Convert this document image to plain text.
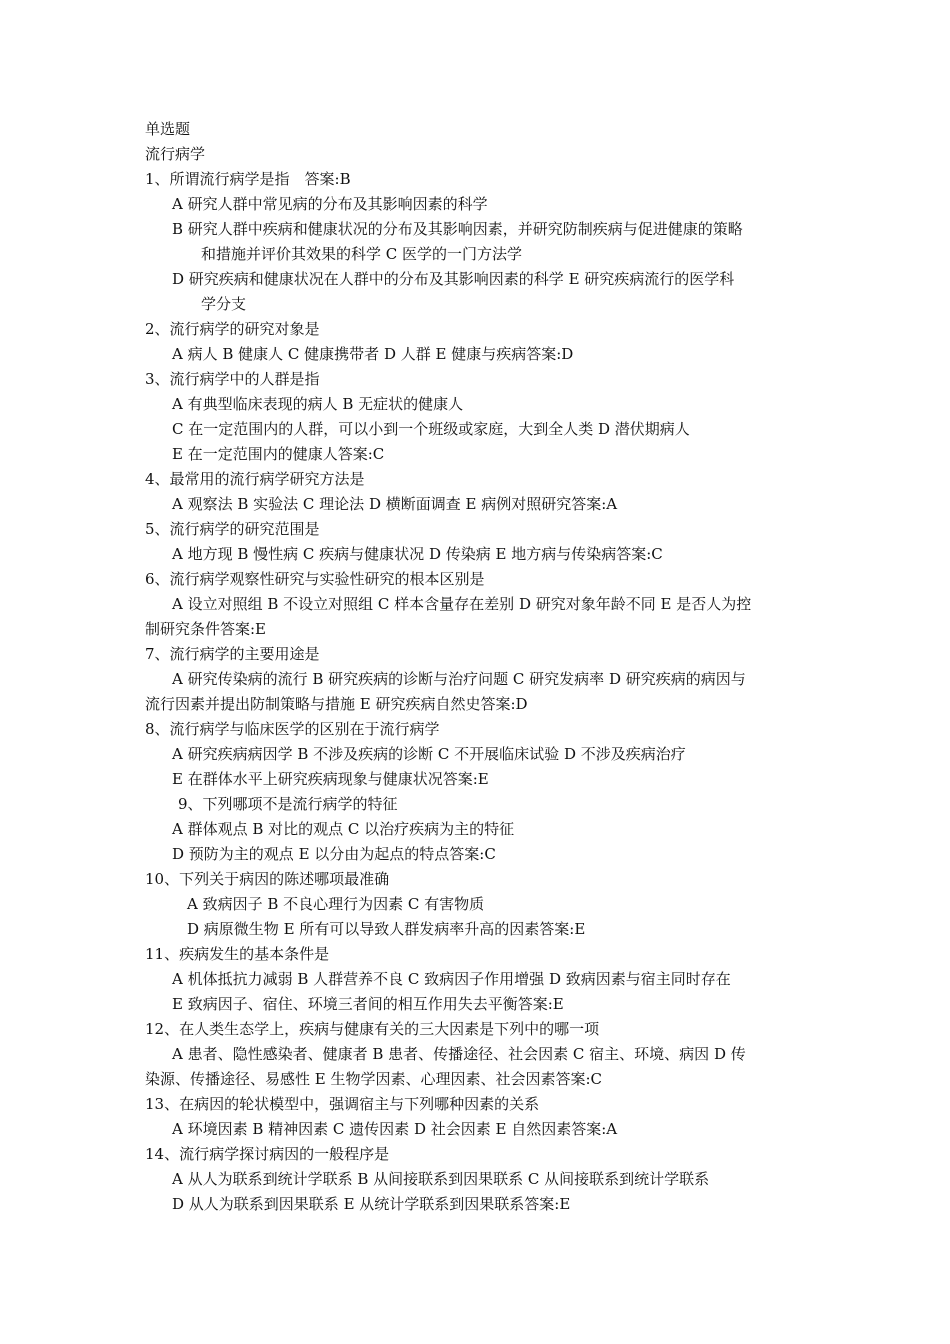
单选题
流行病学
1、所谓流行病学是指　答案:B
A 研究人群中常见病的分布及其影响因素的科学
B 研究人群中疾病和健康状况的分布及其影响因素，并研究防制疾病与促进健康的策略
和措施并评价其效果的科学 C 医学的一门方法学
D 研究疾病和健康状况在人群中的分布及其影响因素的科学 E 研究疾病流行的医学科
学分支
2、流行病学的研究对象是
A 病人 B 健康人 C 健康携带者 D 人群 E 健康与疾病答案:D
3、流行病学中的人群是指
A 有典型临床表现的病人 B 无症状的健康人
C 在一定范围内的人群，可以小到一个班级或家庭，大到全人类 D 潜伏期病人
E 在一定范围内的健康人答案:C
4、最常用的流行病学研究方法是
A 观察法 B 实验法 C 理论法 D 横断面调查 E 病例对照研究答案:A
5、流行病学的研究范围是
A 地方现 B 慢性病 C 疾病与健康状况 D 传染病 E 地方病与传染病答案:C
6、流行病学观察性研究与实验性研究的根本区别是
A 设立对照组 B 不设立对照组 C 样本含量存在差别 D 研究对象年龄不同 E 是否人为控
制研究条件答案:E
7、流行病学的主要用途是
A 研究传染病的流行 B 研究疾病的诊断与治疗问题 C 研究发病率 D 研究疾病的病因与
流行因素并提出防制策略与措施 E 研究疾病自然史答案:D
8、流行病学与临床医学的区别在于流行病学
A 研究疾病病因学 B 不涉及疾病的诊断 C 不开展临床试验 D 不涉及疾病治疗
E 在群体水平上研究疾病现象与健康状况答案:E
9、下列哪项不是流行病学的特征
A 群体观点 B 对比的观点 C 以治疗疾病为主的特征
D 预防为主的观点 E 以分由为起点的特点答案:C
10、下列关于病因的陈述哪项最准确
A 致病因子 B 不良心理行为因素 C 有害物质
D 病原微生物 E 所有可以导致人群发病率升高的因素答案:E
11、疾病发生的基本条件是
A 机体抵抗力减弱 B 人群营养不良 C 致病因子作用增强 D 致病因素与宿主同时存在
E 致病因子、宿住、环境三者间的相互作用失去平衡答案:E
12、在人类生态学上，疾病与健康有关的三大因素是下列中的哪一项
A 患者、隐性感染者、健康者 B 患者、传播途径、社会因素 C 宿主、环境、病因 D 传
染源、传播途径、易感性 E 生物学因素、心理因素、社会因素答案:C
13、在病因的轮状模型中，强调宿主与下列哪种因素的关系
A 环境因素 B 精神因素 C 遗传因素 D 社会因素 E 自然因素答案:A
14、流行病学探讨病因的一般程序是
A 从人为联系到统计学联系 B 从间接联系到因果联系 C 从间接联系到统计学联系
D 从人为联系到因果联系 E 从统计学联系到因果联系答案:E
